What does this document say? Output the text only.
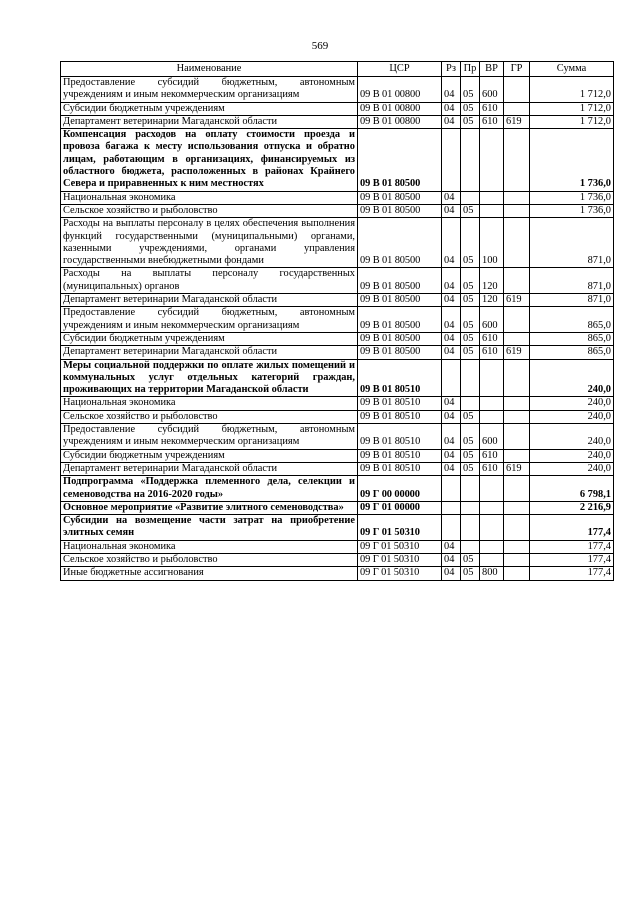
569
Наименование	ЦСР	Рз	Пр	ВР	ГР	Сумма
Предоставление субсидий бюджетным, автономным учреждениям и иным некоммерческим организациям	09 В 01 00800	04	05	600		1 712,0
Субсидии бюджетным учреждениям	09 В 01 00800	04	05	610		1 712,0
Департамент ветеринарии Магаданской области	09 В 01 00800	04	05	610	619	1 712,0
Компенсация расходов на оплату стоимости проезда и провоза багажа к месту использования отпуска и обратно лицам, работающим в организациях, финансируемых из областного бюджета, расположенных в районах Крайнего Севера и приравненных к ним местностях	09 В 01 80500					1 736,0
Национальная экономика	09 В 01 80500	04				1 736,0
Сельское хозяйство и рыболовство	09 В 01 80500	04	05			1 736,0
Расходы на выплаты персоналу в целях обеспечения выполнения функций государственными (муниципальными) органами, казенными учреждениями, органами управления государственными внебюджетными фондами	09 В 01 80500	04	05	100		871,0
Расходы на выплаты персоналу государственных (муниципальных) органов	09 В 01 80500	04	05	120		871,0
Департамент ветеринарии Магаданской области	09 В 01 80500	04	05	120	619	871,0
Предоставление субсидий бюджетным, автономным учреждениям и иным некоммерческим организациям	09 В 01 80500	04	05	600		865,0
Субсидии бюджетным учреждениям	09 В 01 80500	04	05	610		865,0
Департамент ветеринарии Магаданской области	09 В 01 80500	04	05	610	619	865,0
Меры социальной поддержки по оплате жилых помещений и коммунальных услуг отдельных категорий граждан, проживающих на территории Магаданской области	09 В 01 80510					240,0
Национальная экономика	09 В 01 80510	04				240,0
Сельское хозяйство и рыболовство	09 В 01 80510	04	05			240,0
Предоставление субсидий бюджетным, автономным учреждениям и иным некоммерческим организациям	09 В 01 80510	04	05	600		240,0
Субсидии бюджетным учреждениям	09 В 01 80510	04	05	610		240,0
Департамент ветеринарии Магаданской области	09 В 01 80510	04	05	610	619	240,0
Подпрограмма «Поддержка племенного дела, селекции и семеноводства на 2016-2020 годы»	09 Г 00 00000					6 798,1
Основное мероприятие «Развитие элитного семеноводства»	09 Г 01 00000					2 216,9
Субсидии на возмещение части затрат на приобретение элитных семян	09 Г 01 50310					177,4
Национальная экономика	09 Г 01 50310	04				177,4
Сельское хозяйство и рыболовство	09 Г 01 50310	04	05			177,4
Иные бюджетные ассигнования	09 Г 01 50310	04	05	800		177,4
